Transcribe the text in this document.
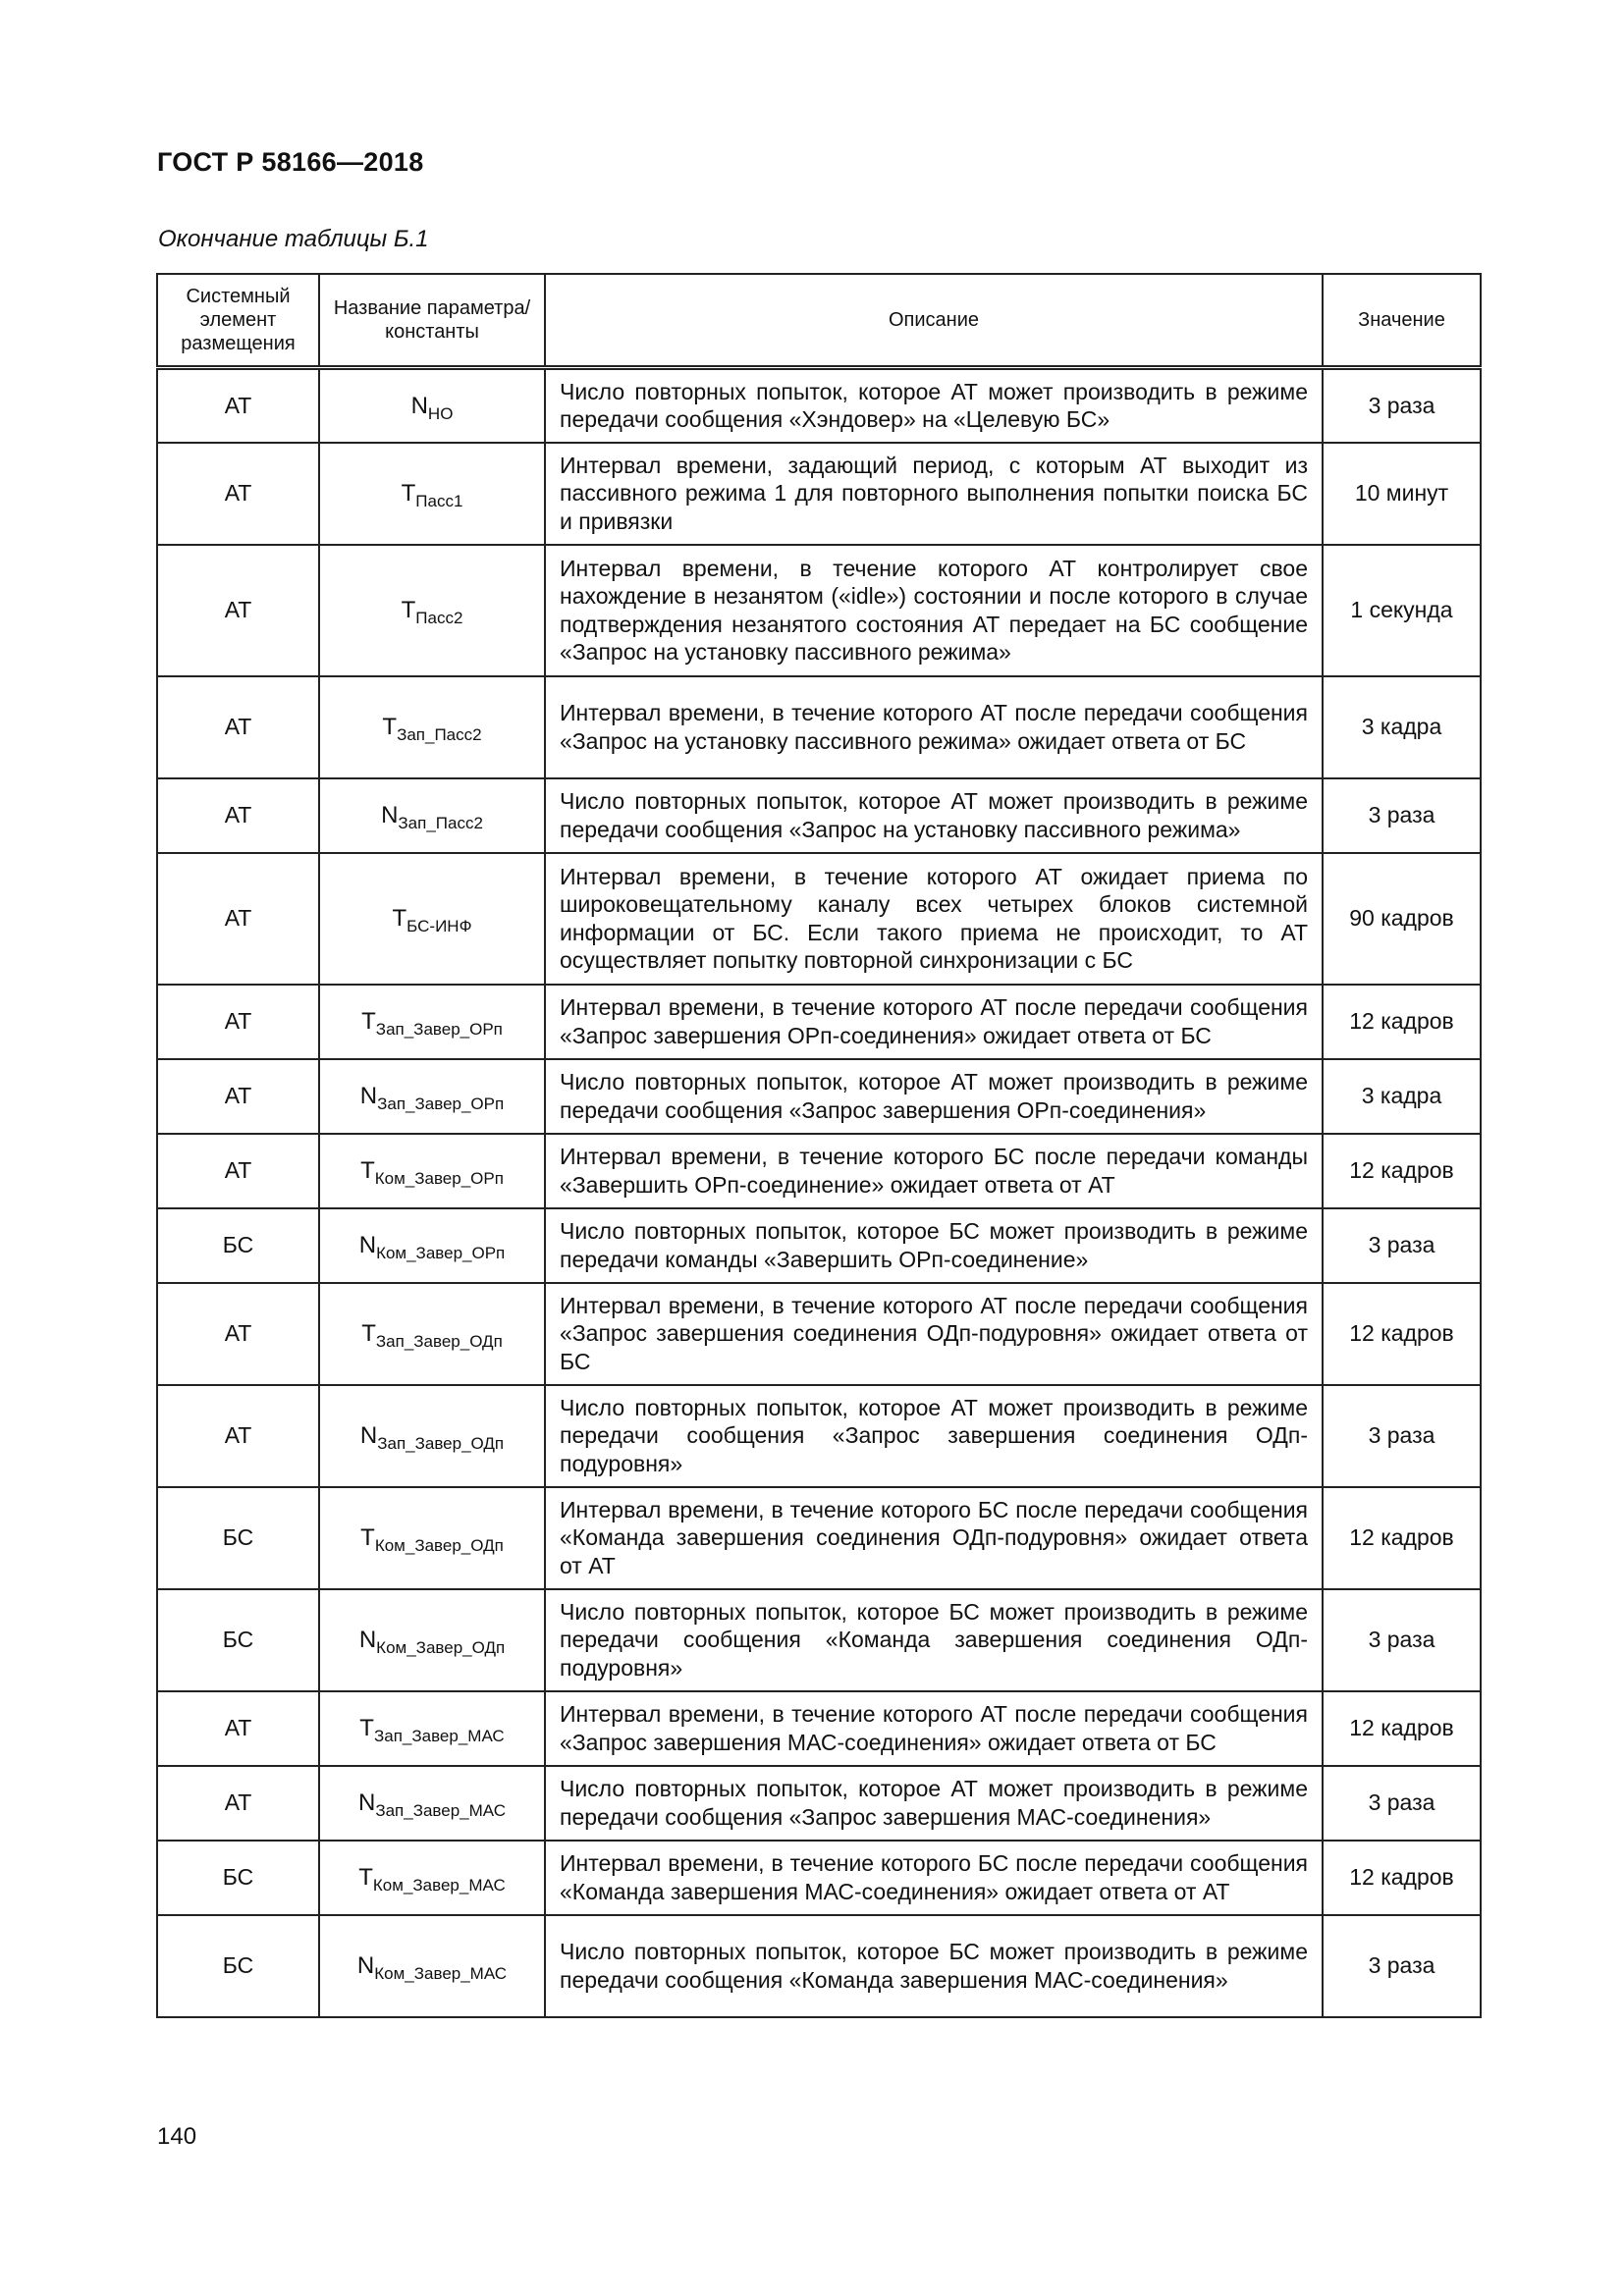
ГОСТ Р 58166—2018
Окончание таблицы Б.1
Системный элемент размещения	Название параметра/ константы	Описание	Значение
АТ	$N_{НО}$	Число повторных попыток, которое АТ может производить в режиме передачи сообщения «Хэндовер» на «Целевую БС»	3 раза
АТ	$T_{Пасс1}$	Интервал времени, задающий период, с которым АТ выходит из пассивного режима 1 для повторного выполнения попытки поиска БС и привязки	10 минут
АТ	$T_{Пасс2}$	Интервал времени, в течение которого АТ контролирует свое нахождение в незанятом («idle») состоянии и после которого в случае подтверждения незанятого состояния АТ передает на БС сообщение «Запрос на установку пассивного режима»	1 секунда
АТ	$T_{Зап\_Пасс2}$	Интервал времени, в течение которого АТ после передачи сообщения «Запрос на установку пассивного режима» ожидает ответа от БС	3 кадра
АТ	$N_{Зап\_Пасс2}$	Число повторных попыток, которое АТ может производить в режиме передачи сообщения «Запрос на установку пассивного режима»	3 раза
АТ	$T_{БС-ИНФ}$	Интервал времени, в течение которого АТ ожидает приема по широковещательному каналу всех четырех блоков системной информации от БС. Если такого приема не происходит, то АТ осуществляет попытку повторной синхронизации с БС	90 кадров
АТ	$T_{Зап\_Завер\_ОРп}$	Интервал времени, в течение которого АТ после передачи сообщения «Запрос завершения ОРп-соединения» ожидает ответа от БС	12 кадров
АТ	$N_{Зап\_Завер\_ОРп}$	Число повторных попыток, которое АТ может производить в режиме передачи сообщения «Запрос завершения ОРп-соединения»	3 кадра
АТ	$T_{Ком\_Завер\_ОРп}$	Интервал времени, в течение которого БС после передачи команды «Завершить ОРп-соединение» ожидает ответа от АТ	12 кадров
БС	$N_{Ком\_Завер\_ОРп}$	Число повторных попыток, которое БС может производить в режиме передачи команды «Завершить ОРп-соединение»	3 раза
АТ	$T_{Зап\_Завер\_ОДп}$	Интервал времени, в течение которого АТ после передачи сообщения «Запрос завершения соединения ОДп-подуровня» ожидает ответа от БС	12 кадров
АТ	$N_{Зап\_Завер\_ОДп}$	Число повторных попыток, которое АТ может производить в режиме передачи сообщения «Запрос завершения соединения ОДп-подуровня»	3 раза
БС	$T_{Ком\_Завер\_ОДп}$	Интервал времени, в течение которого БС после передачи сообщения «Команда завершения соединения ОДп-подуровня» ожидает ответа от АТ	12 кадров
БС	$N_{Ком\_Завер\_ОДп}$	Число повторных попыток, которое БС может производить в режиме передачи сообщения «Команда завершения соединения ОДп-подуровня»	3 раза
АТ	$T_{Зап\_Завер\_МАС}$	Интервал времени, в течение которого АТ после передачи сообщения «Запрос завершения МАС-соединения» ожидает ответа от БС	12 кадров
АТ	$N_{Зап\_Завер\_МАС}$	Число повторных попыток, которое АТ может производить в режиме передачи сообщения «Запрос завершения МАС-соединения»	3 раза
БС	$T_{Ком\_Завер\_МАС}$	Интервал времени, в течение которого БС после передачи сообщения «Команда завершения МАС-соединения» ожидает ответа от АТ	12 кадров
БС	$N_{Ком\_Завер\_МАС}$	Число повторных попыток, которое БС может производить в режиме передачи сообщения «Команда завершения МАС-соединения»	3 раза
140
